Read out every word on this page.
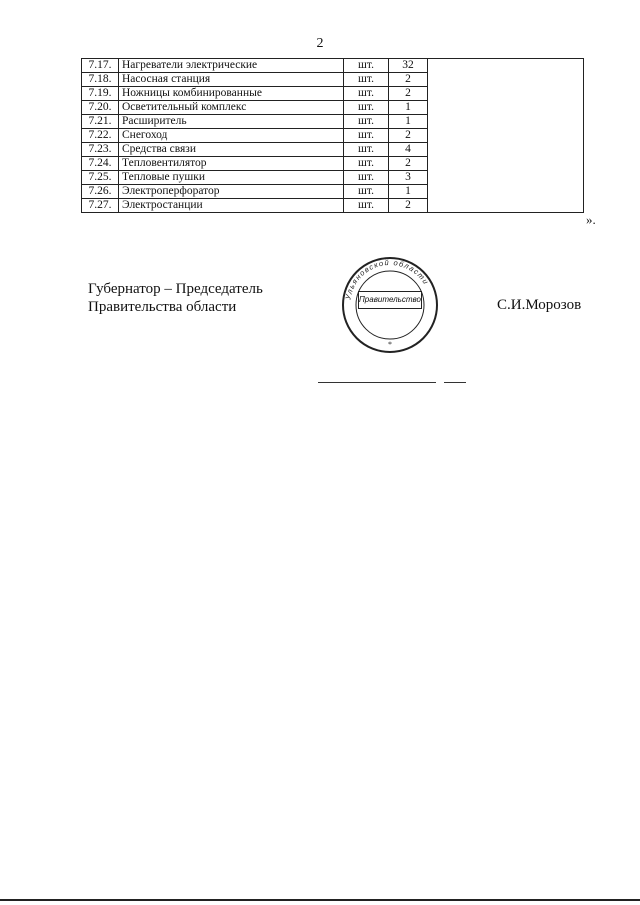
2
7.17.	Нагреватели электрические	шт.	32	
7.18.	Насосная станция	шт.	2	
7.19.	Ножницы комбинированные	шт.	2	
7.20.	Осветительный комплекс	шт.	1	
7.21.	Расширитель	шт.	1	
7.22.	Снегоход	шт.	2	
7.23.	Средства связи	шт.	4	
7.24.	Тепловентилятор	шт.	2	
7.25.	Тепловые пушки	шт.	3	
7.26.	Электроперфоратор	шт.	1	
7.27.	Электростанции	шт.	2	
».
Губернатор – Председатель
Правительства области
Ульяновской области
*
Правительство	С.И.Морозов
